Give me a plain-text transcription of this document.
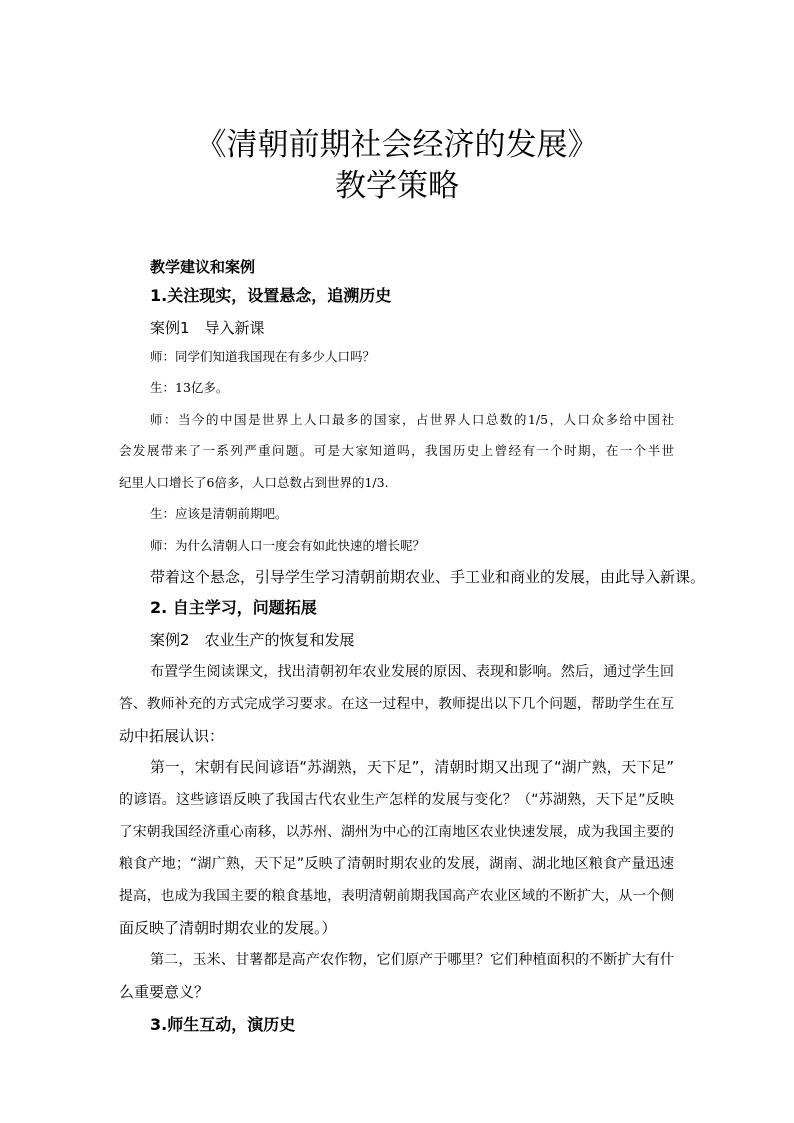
《清朝前期社会经济的发展》
教学策略
教学建议和案例
1.关注现实，设置悬念，追溯历史
案例1　导入新课
师：同学们知道我国现在有多少人口吗？
生：13亿多。
师：当今的中国是世界上人口最多的国家，占世界人口总数的1/5，人口众多给中国社
会发展带来了一系列严重问题。可是大家知道吗，我国历史上曾经有一个时期，在一个半世
纪里人口增长了6倍多，人口总数占到世界的1/3.
生：应该是清朝前期吧。
师：为什么清朝人口一度会有如此快速的增长呢？
带着这个悬念，引导学生学习清朝前期农业、手工业和商业的发展，由此导入新课。
2. 自主学习，问题拓展
案例2　农业生产的恢复和发展
布置学生阅读课文，找出清朝初年农业发展的原因、表现和影响。然后，通过学生回
答、教师补充的方式完成学习要求。在这一过程中，教师提出以下几个问题，帮助学生在互
动中拓展认识：
第一，宋朝有民间谚语“苏湖熟，天下足”，清朝时期又出现了“湖广熟，天下足”
的谚语。这些谚语反映了我国古代农业生产怎样的发展与变化？（“苏湖熟，天下足”反映
了宋朝我国经济重心南移，以苏州、湖州为中心的江南地区农业快速发展，成为我国主要的
粮食产地；“湖广熟，天下足”反映了清朝时期农业的发展，湖南、湖北地区粮食产量迅速
提高，也成为我国主要的粮食基地，表明清朝前期我国高产农业区域的不断扩大，从一个侧
面反映了清朝时期农业的发展。）
第二，玉米、甘薯都是高产农作物，它们原产于哪里？它们种植面积的不断扩大有什
么重要意义？
3.师生互动，演历史
